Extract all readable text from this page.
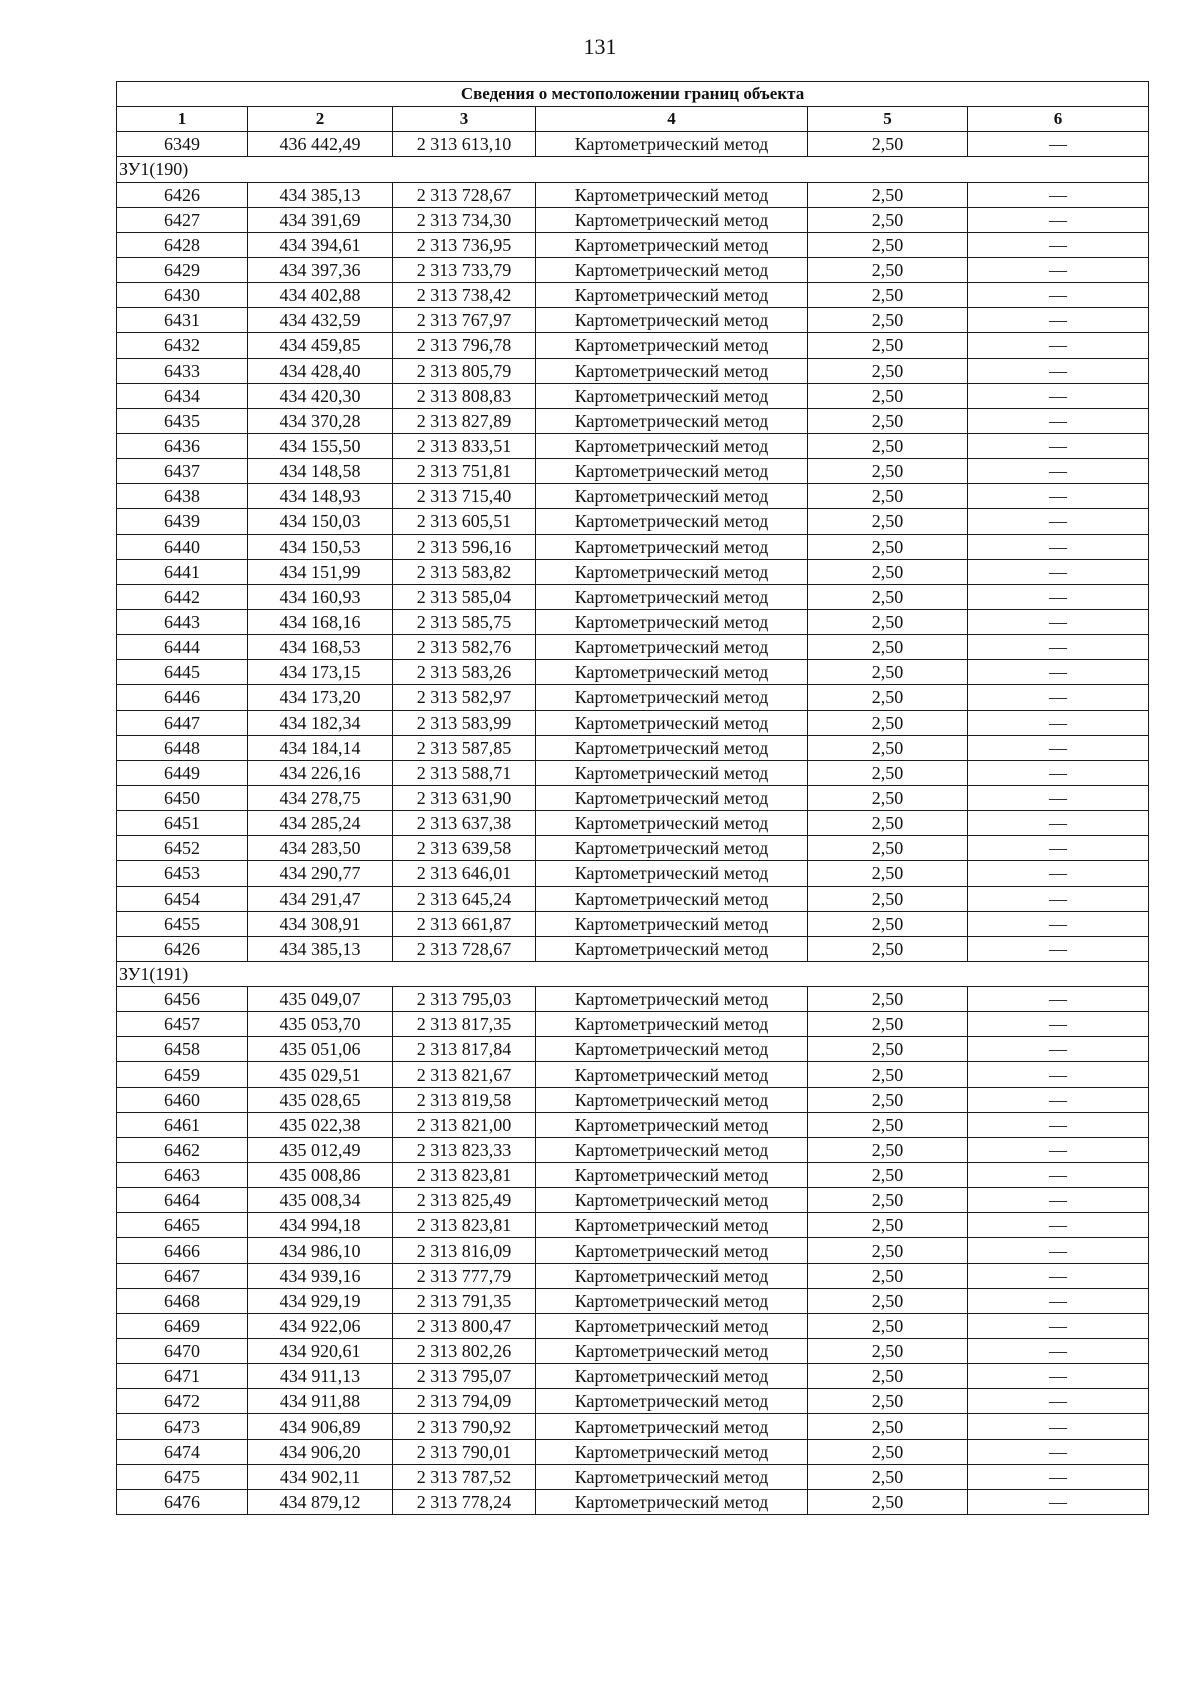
131
Сведения о местоположении границ объекта					
1	2	3	4	5	6
6349	436 442,49	2 313 613,10	Картометрический метод	2,50	—
ЗУ1(190)					
6426	434 385,13	2 313 728,67	Картометрический метод	2,50	—
6427	434 391,69	2 313 734,30	Картометрический метод	2,50	—
6428	434 394,61	2 313 736,95	Картометрический метод	2,50	—
6429	434 397,36	2 313 733,79	Картометрический метод	2,50	—
6430	434 402,88	2 313 738,42	Картометрический метод	2,50	—
6431	434 432,59	2 313 767,97	Картометрический метод	2,50	—
6432	434 459,85	2 313 796,78	Картометрический метод	2,50	—
6433	434 428,40	2 313 805,79	Картометрический метод	2,50	—
6434	434 420,30	2 313 808,83	Картометрический метод	2,50	—
6435	434 370,28	2 313 827,89	Картометрический метод	2,50	—
6436	434 155,50	2 313 833,51	Картометрический метод	2,50	—
6437	434 148,58	2 313 751,81	Картометрический метод	2,50	—
6438	434 148,93	2 313 715,40	Картометрический метод	2,50	—
6439	434 150,03	2 313 605,51	Картометрический метод	2,50	—
6440	434 150,53	2 313 596,16	Картометрический метод	2,50	—
6441	434 151,99	2 313 583,82	Картометрический метод	2,50	—
6442	434 160,93	2 313 585,04	Картометрический метод	2,50	—
6443	434 168,16	2 313 585,75	Картометрический метод	2,50	—
6444	434 168,53	2 313 582,76	Картометрический метод	2,50	—
6445	434 173,15	2 313 583,26	Картометрический метод	2,50	—
6446	434 173,20	2 313 582,97	Картометрический метод	2,50	—
6447	434 182,34	2 313 583,99	Картометрический метод	2,50	—
6448	434 184,14	2 313 587,85	Картометрический метод	2,50	—
6449	434 226,16	2 313 588,71	Картометрический метод	2,50	—
6450	434 278,75	2 313 631,90	Картометрический метод	2,50	—
6451	434 285,24	2 313 637,38	Картометрический метод	2,50	—
6452	434 283,50	2 313 639,58	Картометрический метод	2,50	—
6453	434 290,77	2 313 646,01	Картометрический метод	2,50	—
6454	434 291,47	2 313 645,24	Картометрический метод	2,50	—
6455	434 308,91	2 313 661,87	Картометрический метод	2,50	—
6426	434 385,13	2 313 728,67	Картометрический метод	2,50	—
ЗУ1(191)					
6456	435 049,07	2 313 795,03	Картометрический метод	2,50	—
6457	435 053,70	2 313 817,35	Картометрический метод	2,50	—
6458	435 051,06	2 313 817,84	Картометрический метод	2,50	—
6459	435 029,51	2 313 821,67	Картометрический метод	2,50	—
6460	435 028,65	2 313 819,58	Картометрический метод	2,50	—
6461	435 022,38	2 313 821,00	Картометрический метод	2,50	—
6462	435 012,49	2 313 823,33	Картометрический метод	2,50	—
6463	435 008,86	2 313 823,81	Картометрический метод	2,50	—
6464	435 008,34	2 313 825,49	Картометрический метод	2,50	—
6465	434 994,18	2 313 823,81	Картометрический метод	2,50	—
6466	434 986,10	2 313 816,09	Картометрический метод	2,50	—
6467	434 939,16	2 313 777,79	Картометрический метод	2,50	—
6468	434 929,19	2 313 791,35	Картометрический метод	2,50	—
6469	434 922,06	2 313 800,47	Картометрический метод	2,50	—
6470	434 920,61	2 313 802,26	Картометрический метод	2,50	—
6471	434 911,13	2 313 795,07	Картометрический метод	2,50	—
6472	434 911,88	2 313 794,09	Картометрический метод	2,50	—
6473	434 906,89	2 313 790,92	Картометрический метод	2,50	—
6474	434 906,20	2 313 790,01	Картометрический метод	2,50	—
6475	434 902,11	2 313 787,52	Картометрический метод	2,50	—
6476	434 879,12	2 313 778,24	Картометрический метод	2,50	—
